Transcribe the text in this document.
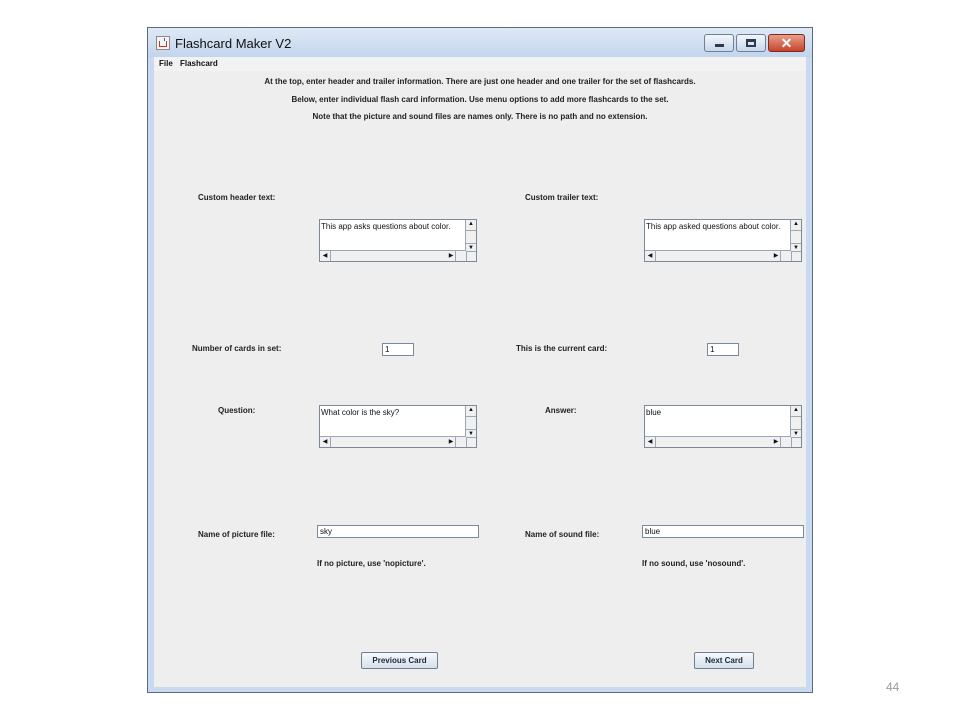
Flashcard Maker V2	✕
File Flashcard
At the top, enter header and trailer information. There are just one header and one trailer for the set of flashcards.
Below, enter individual flash card information. Use menu options to add more flashcards to the set.
Note that the picture and sound files are names only. There is no path and no extension.
Custom header text:
This app asks questions about color.	▲
▼
◀	▶
Custom trailer text:
This app asked questions about color.	▲
▼
◀	▶
Number of cards in set:	1	This is the current card:	1
Question:	What color is the sky?	▲
▼
◀	▶
Answer:	blue	▲
▼
◀	▶
Name of picture file:	sky
If no picture, use 'nopicture'.
Name of sound file:	blue
If no sound, use 'nosound'.
Previous Card	Next Card
44
